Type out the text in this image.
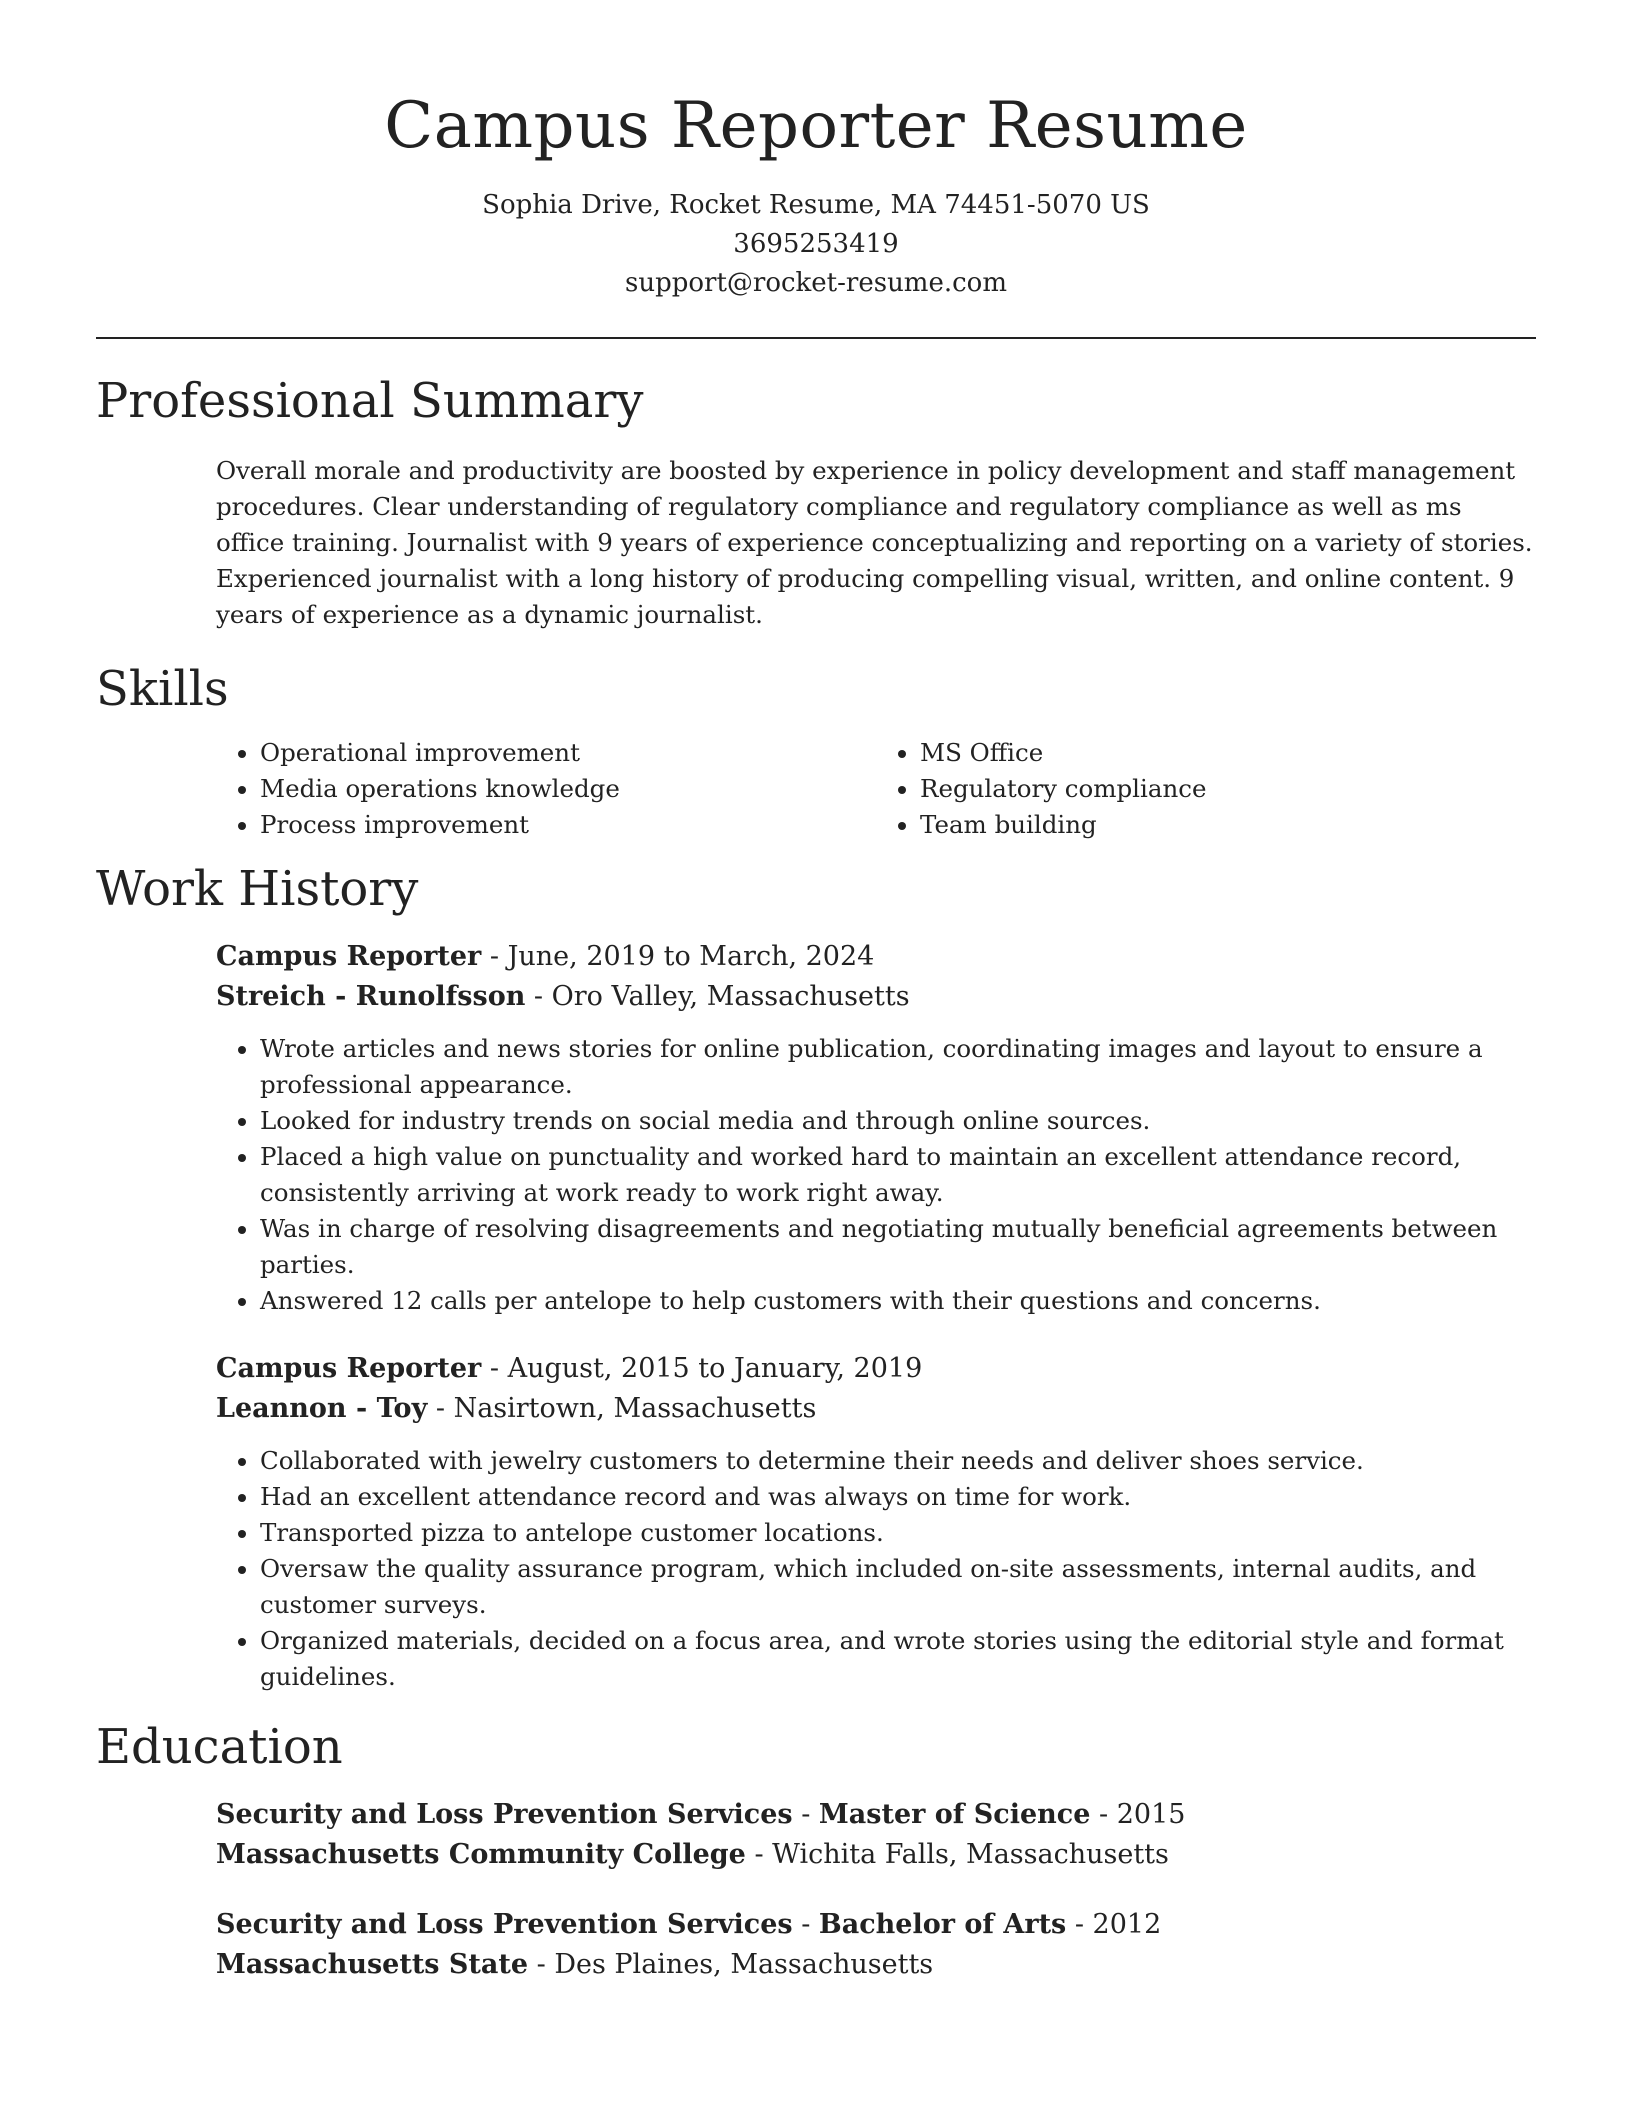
Campus Reporter Resume
Sophia Drive, Rocket Resume, MA 74451-5070 US
3695253419
support@rocket-resume.com
Professional Summary
Overall morale and productivity are boosted by experience in policy development and staff management procedures. Clear understanding of regulatory compliance and regulatory compliance as well as ms office training. Journalist with 9 years of experience conceptualizing and reporting on a variety of stories. Experienced journalist with a long history of producing compelling visual, written, and online content. 9 years of experience as a dynamic journalist.
Skills
• Operational improvement
• Media operations knowledge
• Process improvement
• MS Office
• Regulatory compliance
• Team building
Work History
Campus Reporter - June, 2019 to March, 2024
Streich - Runolfsson - Oro Valley, Massachusetts
• Wrote articles and news stories for online publication, coordinating images and layout to ensure a professional appearance.
• Looked for industry trends on social media and through online sources.
• Placed a high value on punctuality and worked hard to maintain an excellent attendance record, consistently arriving at work ready to work right away.
• Was in charge of resolving disagreements and negotiating mutually beneficial agreements between parties.
• Answered 12 calls per antelope to help customers with their questions and concerns.
Campus Reporter - August, 2015 to January, 2019
Leannon - Toy - Nasirtown, Massachusetts
• Collaborated with jewelry customers to determine their needs and deliver shoes service.
• Had an excellent attendance record and was always on time for work.
• Transported pizza to antelope customer locations.
• Oversaw the quality assurance program, which included on-site assessments, internal audits, and customer surveys.
• Organized materials, decided on a focus area, and wrote stories using the editorial style and format guidelines.
Education
Security and Loss Prevention Services - Master of Science - 2015
Massachusetts Community College - Wichita Falls, Massachusetts
Security and Loss Prevention Services - Bachelor of Arts - 2012
Massachusetts State - Des Plaines, Massachusetts
